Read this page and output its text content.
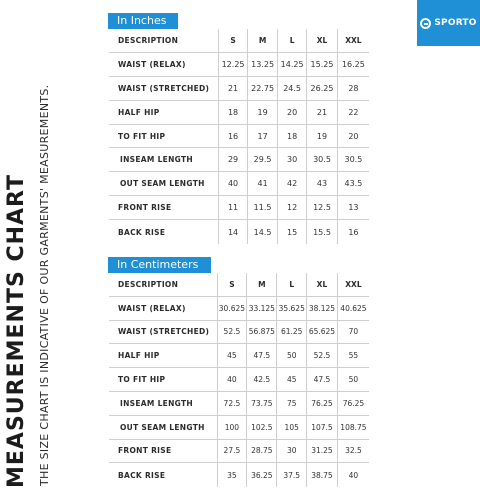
MEASUREMENTS CHART THE SIZE CHART IS INDICATIVE OF OUR GARMENTS' MEASUREMENTS.
SPORTO
In Inches
DESCRIPTION	S	M	L	XL	XXL
WAIST (RELAX)	12.25	13.25	14.25	15.25	16.25
WAIST (STRETCHED)	21	22.75	24.5	26.25	28
HALF HIP	18	19	20	21	22
TO FIT HIP	16	17	18	19	20
INSEAM LENGTH	29	29.5	30	30.5	30.5
OUT SEAM LENGTH	40	41	42	43	43.5
FRONT RISE	11	11.5	12	12.5	13
BACK RISE	14	14.5	15	15.5	16
In Centimeters
DESCRIPTION	S	M	L	XL	XXL
WAIST (RELAX)	30.625	33.125	35.625	38.125	40.625
WAIST (STRETCHED)	52.5	56.875	61.25	65.625	70
HALF HIP	45	47.5	50	52.5	55
TO FIT HIP	40	42.5	45	47.5	50
INSEAM LENGTH	72.5	73.75	75	76.25	76.25
OUT SEAM LENGTH	100	102.5	105	107.5	108.75
FRONT RISE	27.5	28.75	30	31.25	32.5
BACK RISE	35	36.25	37.5	38.75	40
